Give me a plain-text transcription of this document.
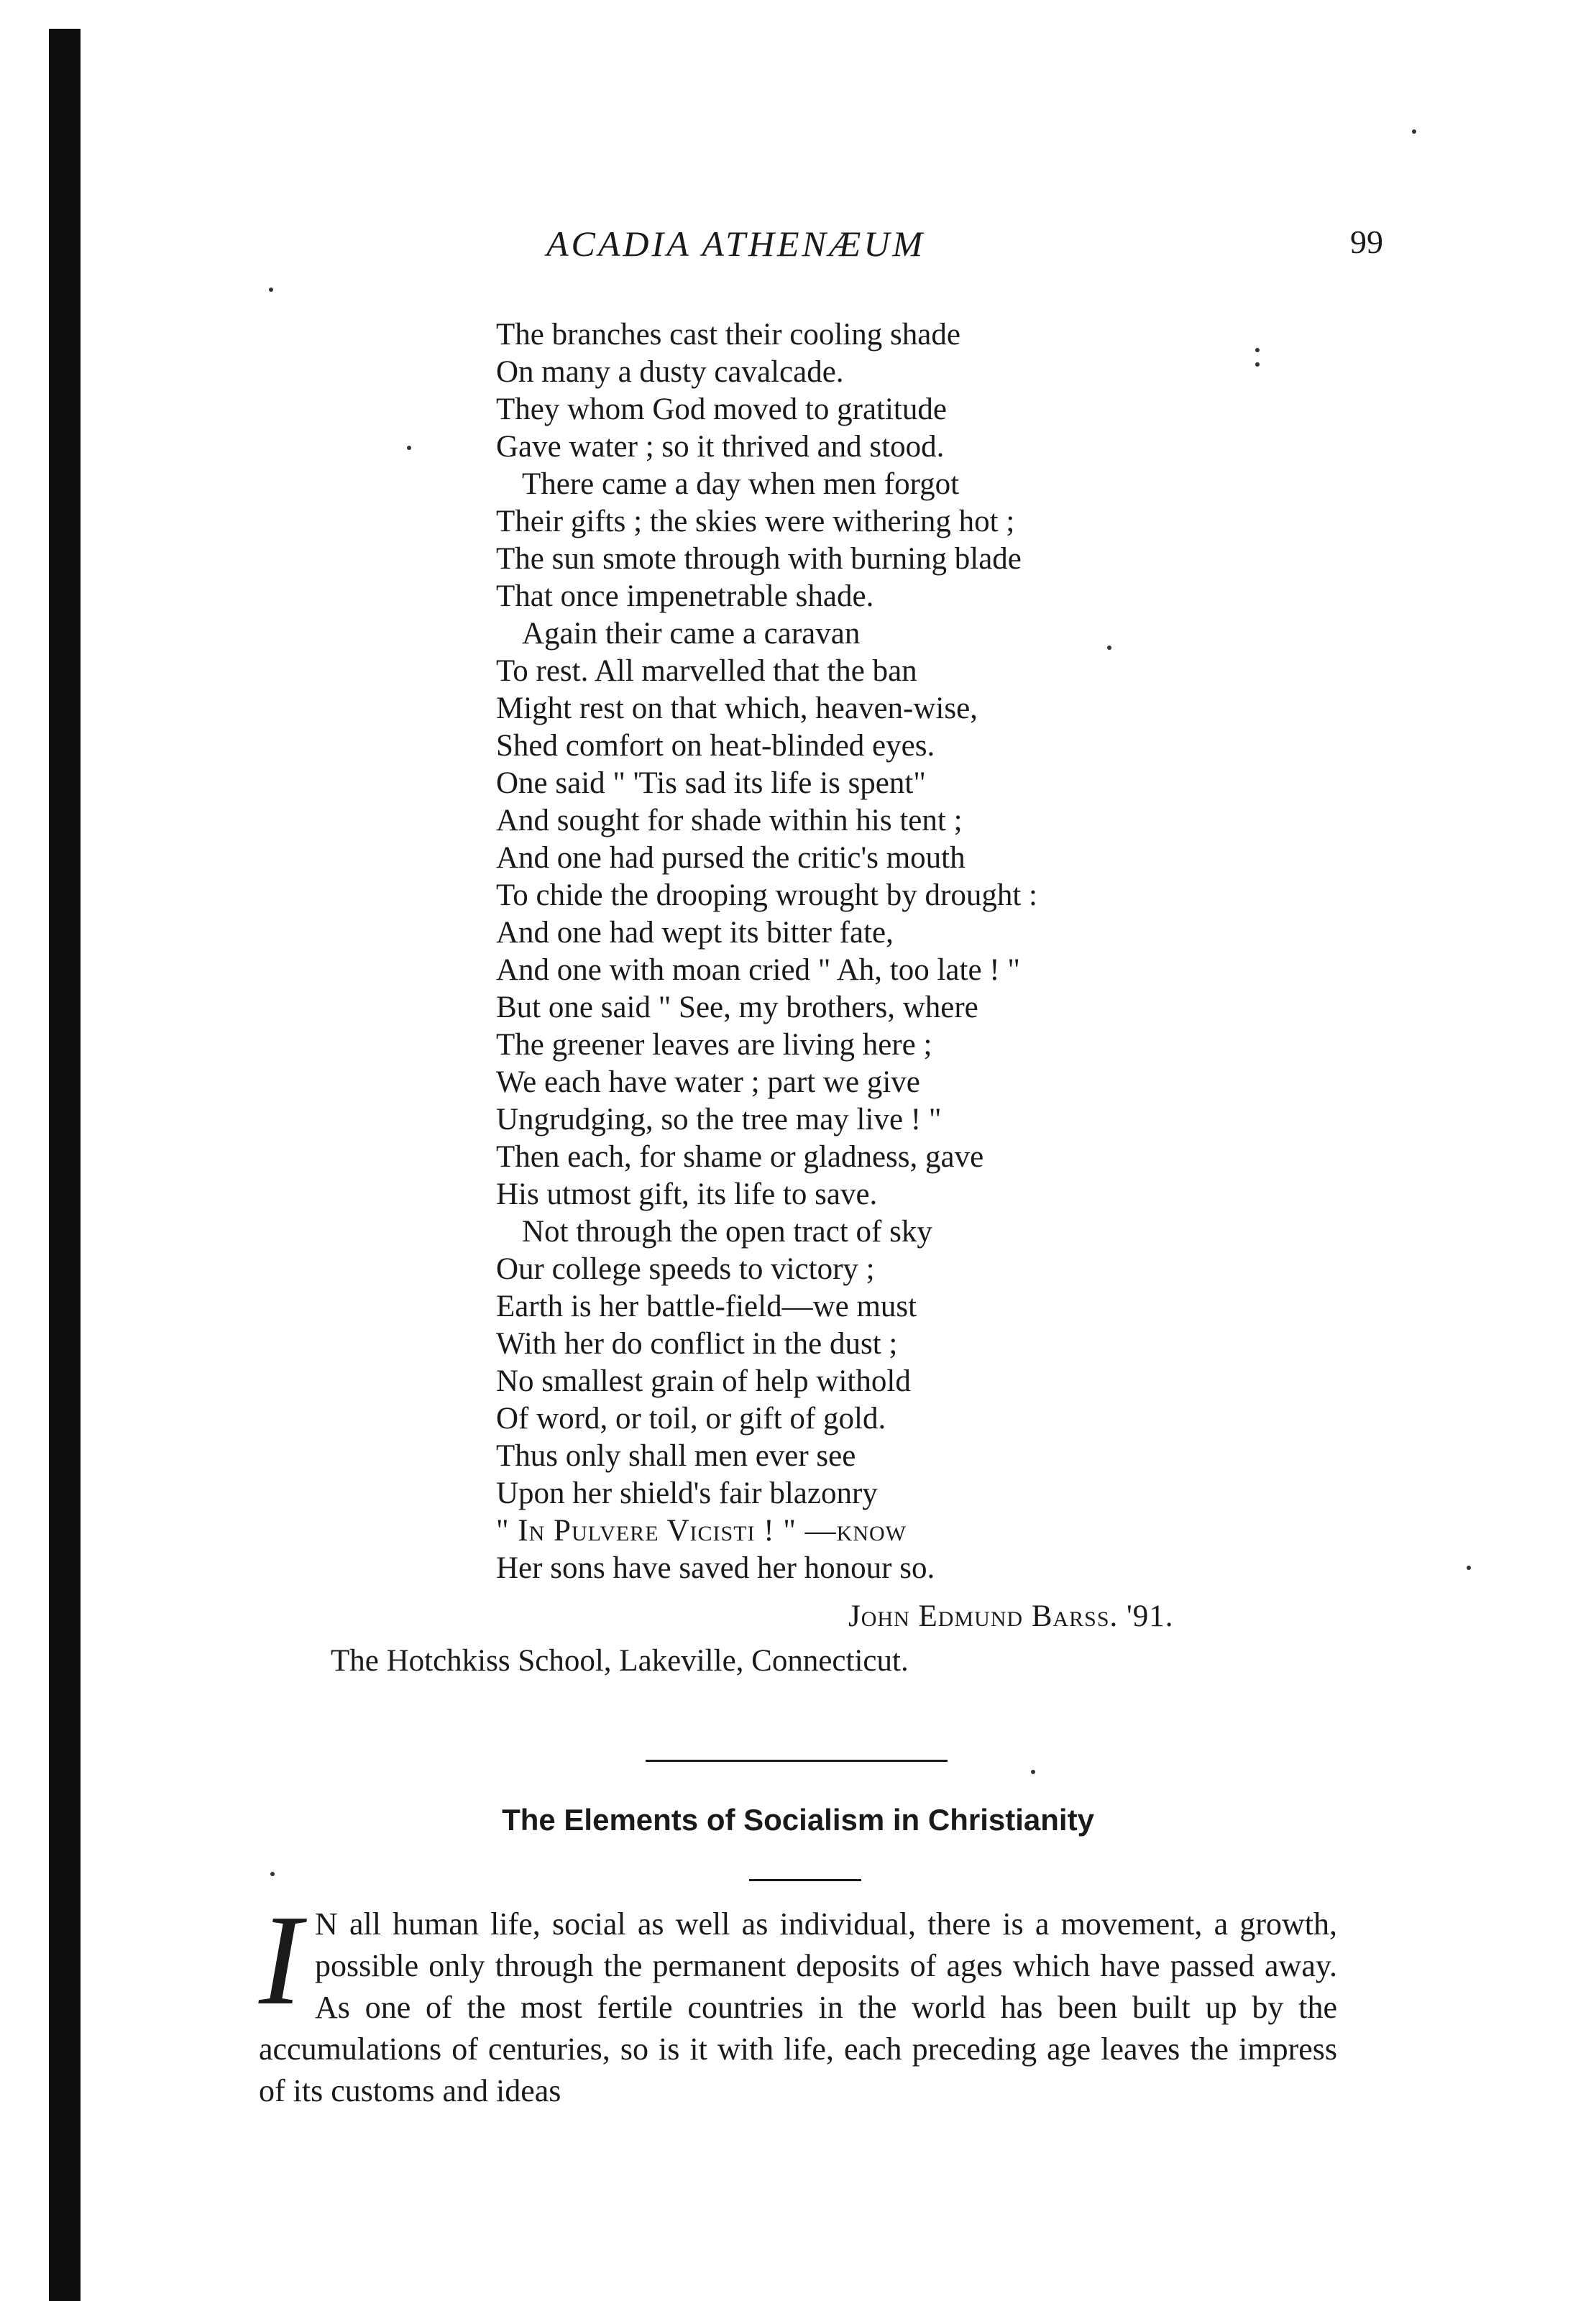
ACADIA ATHENÆUM	99
The branches cast their cooling shade
On many a dusty cavalcade.
They whom God moved to gratitude
Gave water ; so it thrived and stood.
There came a day when men forgot
Their gifts ; the skies were withering hot ;
The sun smote through with burning blade
That once impenetrable shade.
Again their came a caravan
To rest. All marvelled that the ban
Might rest on that which, heaven-wise,
Shed comfort on heat-blinded eyes.
One said " 'Tis sad its life is spent"
And sought for shade within his tent ;
And one had pursed the critic's mouth
To chide the drooping wrought by drought :
And one had wept its bitter fate,
And one with moan cried " Ah, too late ! "
But one said " See, my brothers, where
The greener leaves are living here ;
We each have water ; part we give
Ungrudging, so the tree may live ! "
Then each, for shame or gladness, gave
His utmost gift, its life to save.
Not through the open tract of sky
Our college speeds to victory ;
Earth is her battle-field—we must
With her do conflict in the dust ;
No smallest grain of help withold
Of word, or toil, or gift of gold.
Thus only shall men ever see
Upon her shield's fair blazonry
" In Pulvere Vicisti ! " —know
Her sons have saved her honour so.
John Edmund Barss. '91.
The Hotchkiss School, Lakeville, Connecticut.
The Elements of Socialism in Christianity
I N all human life, social as well as individual, there is a movement, a growth, possible only through the permanent deposits of ages which have passed away. As one of the most fertile countries in the world has been built up by the accumulations of centuries, so is it with life, each preceding age leaves the impress of its customs and ideas
